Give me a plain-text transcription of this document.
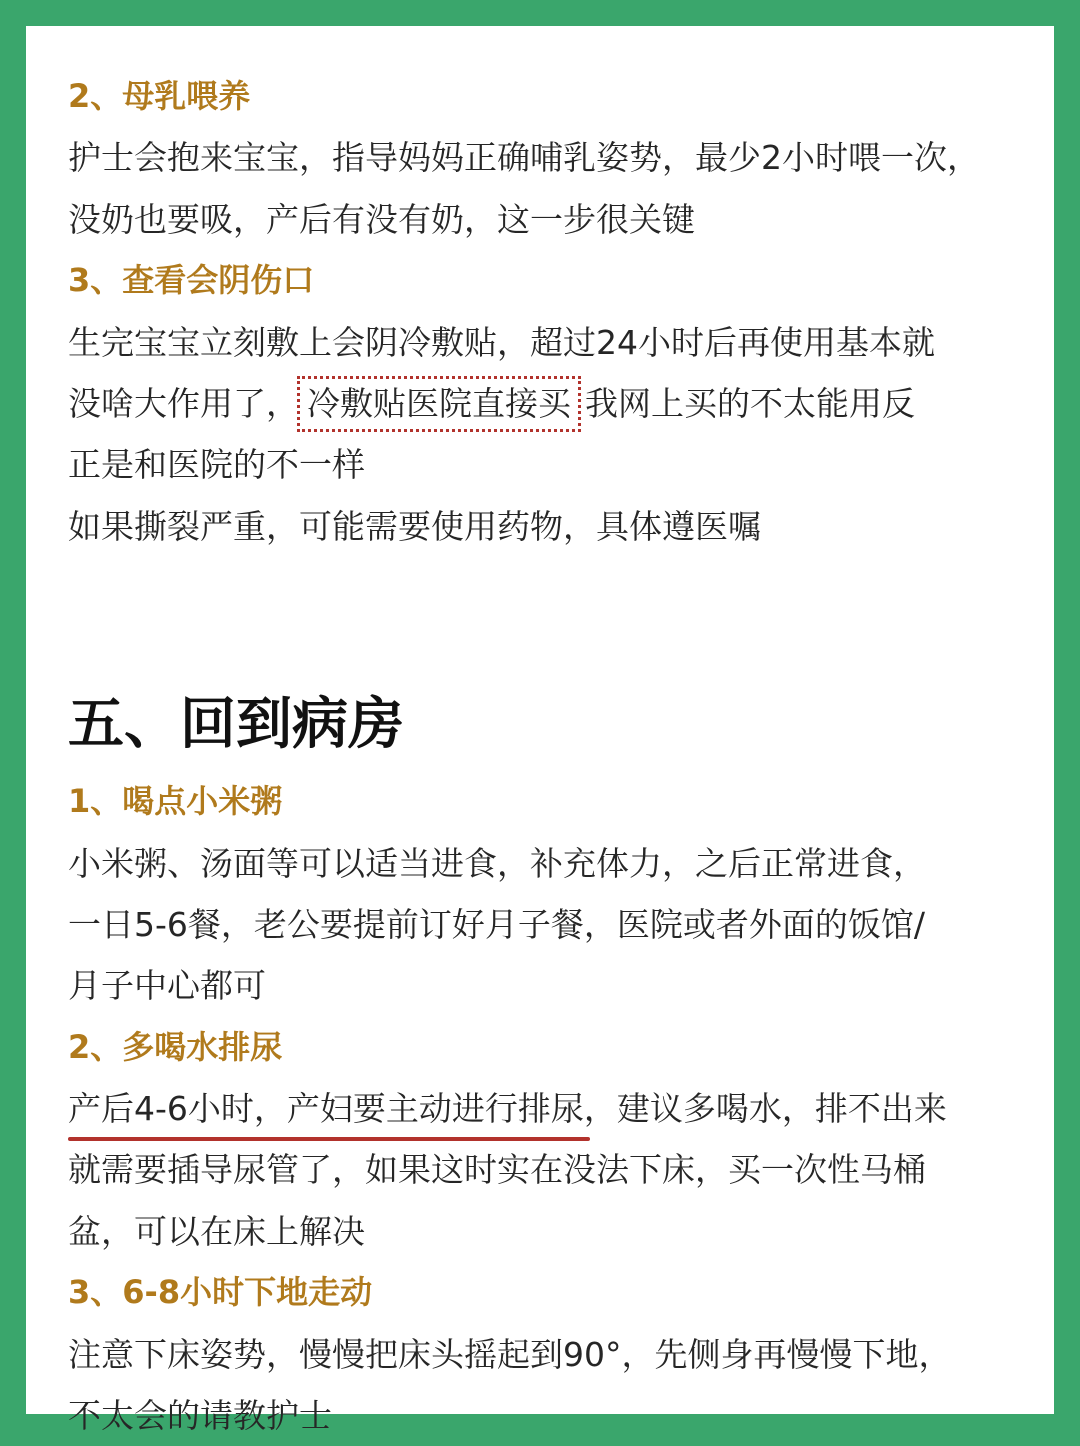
2、母乳喂养
护士会抱来宝宝，指导妈妈正确哺乳姿势，最少2小时喂一次，
没奶也要吸，产后有没有奶，这一步很关键
3、查看会阴伤口
生完宝宝立刻敷上会阴冷敷贴，超过24小时后再使用基本就
没啥大作用了， 冷敷贴医院直接买 我网上买的不太能用反
正是和医院的不一样
如果撕裂严重，可能需要使用药物，具体遵医嘱
五、回到病房
1、喝点小米粥
小米粥、汤面等可以适当进食，补充体力，之后正常进食，
一日5-6餐，老公要提前订好月子餐，医院或者外面的饭馆/
月子中心都可
2、多喝水排尿
产后4-6小时，产妇要主动进行排尿，建议多喝水，排不出来
就需要插导尿管了，如果这时实在没法下床，买一次性马桶
盆，可以在床上解决
3、6-8小时下地走动
注意下床姿势，慢慢把床头摇起到90°，先侧身再慢慢下地，
不太会的请教护士
